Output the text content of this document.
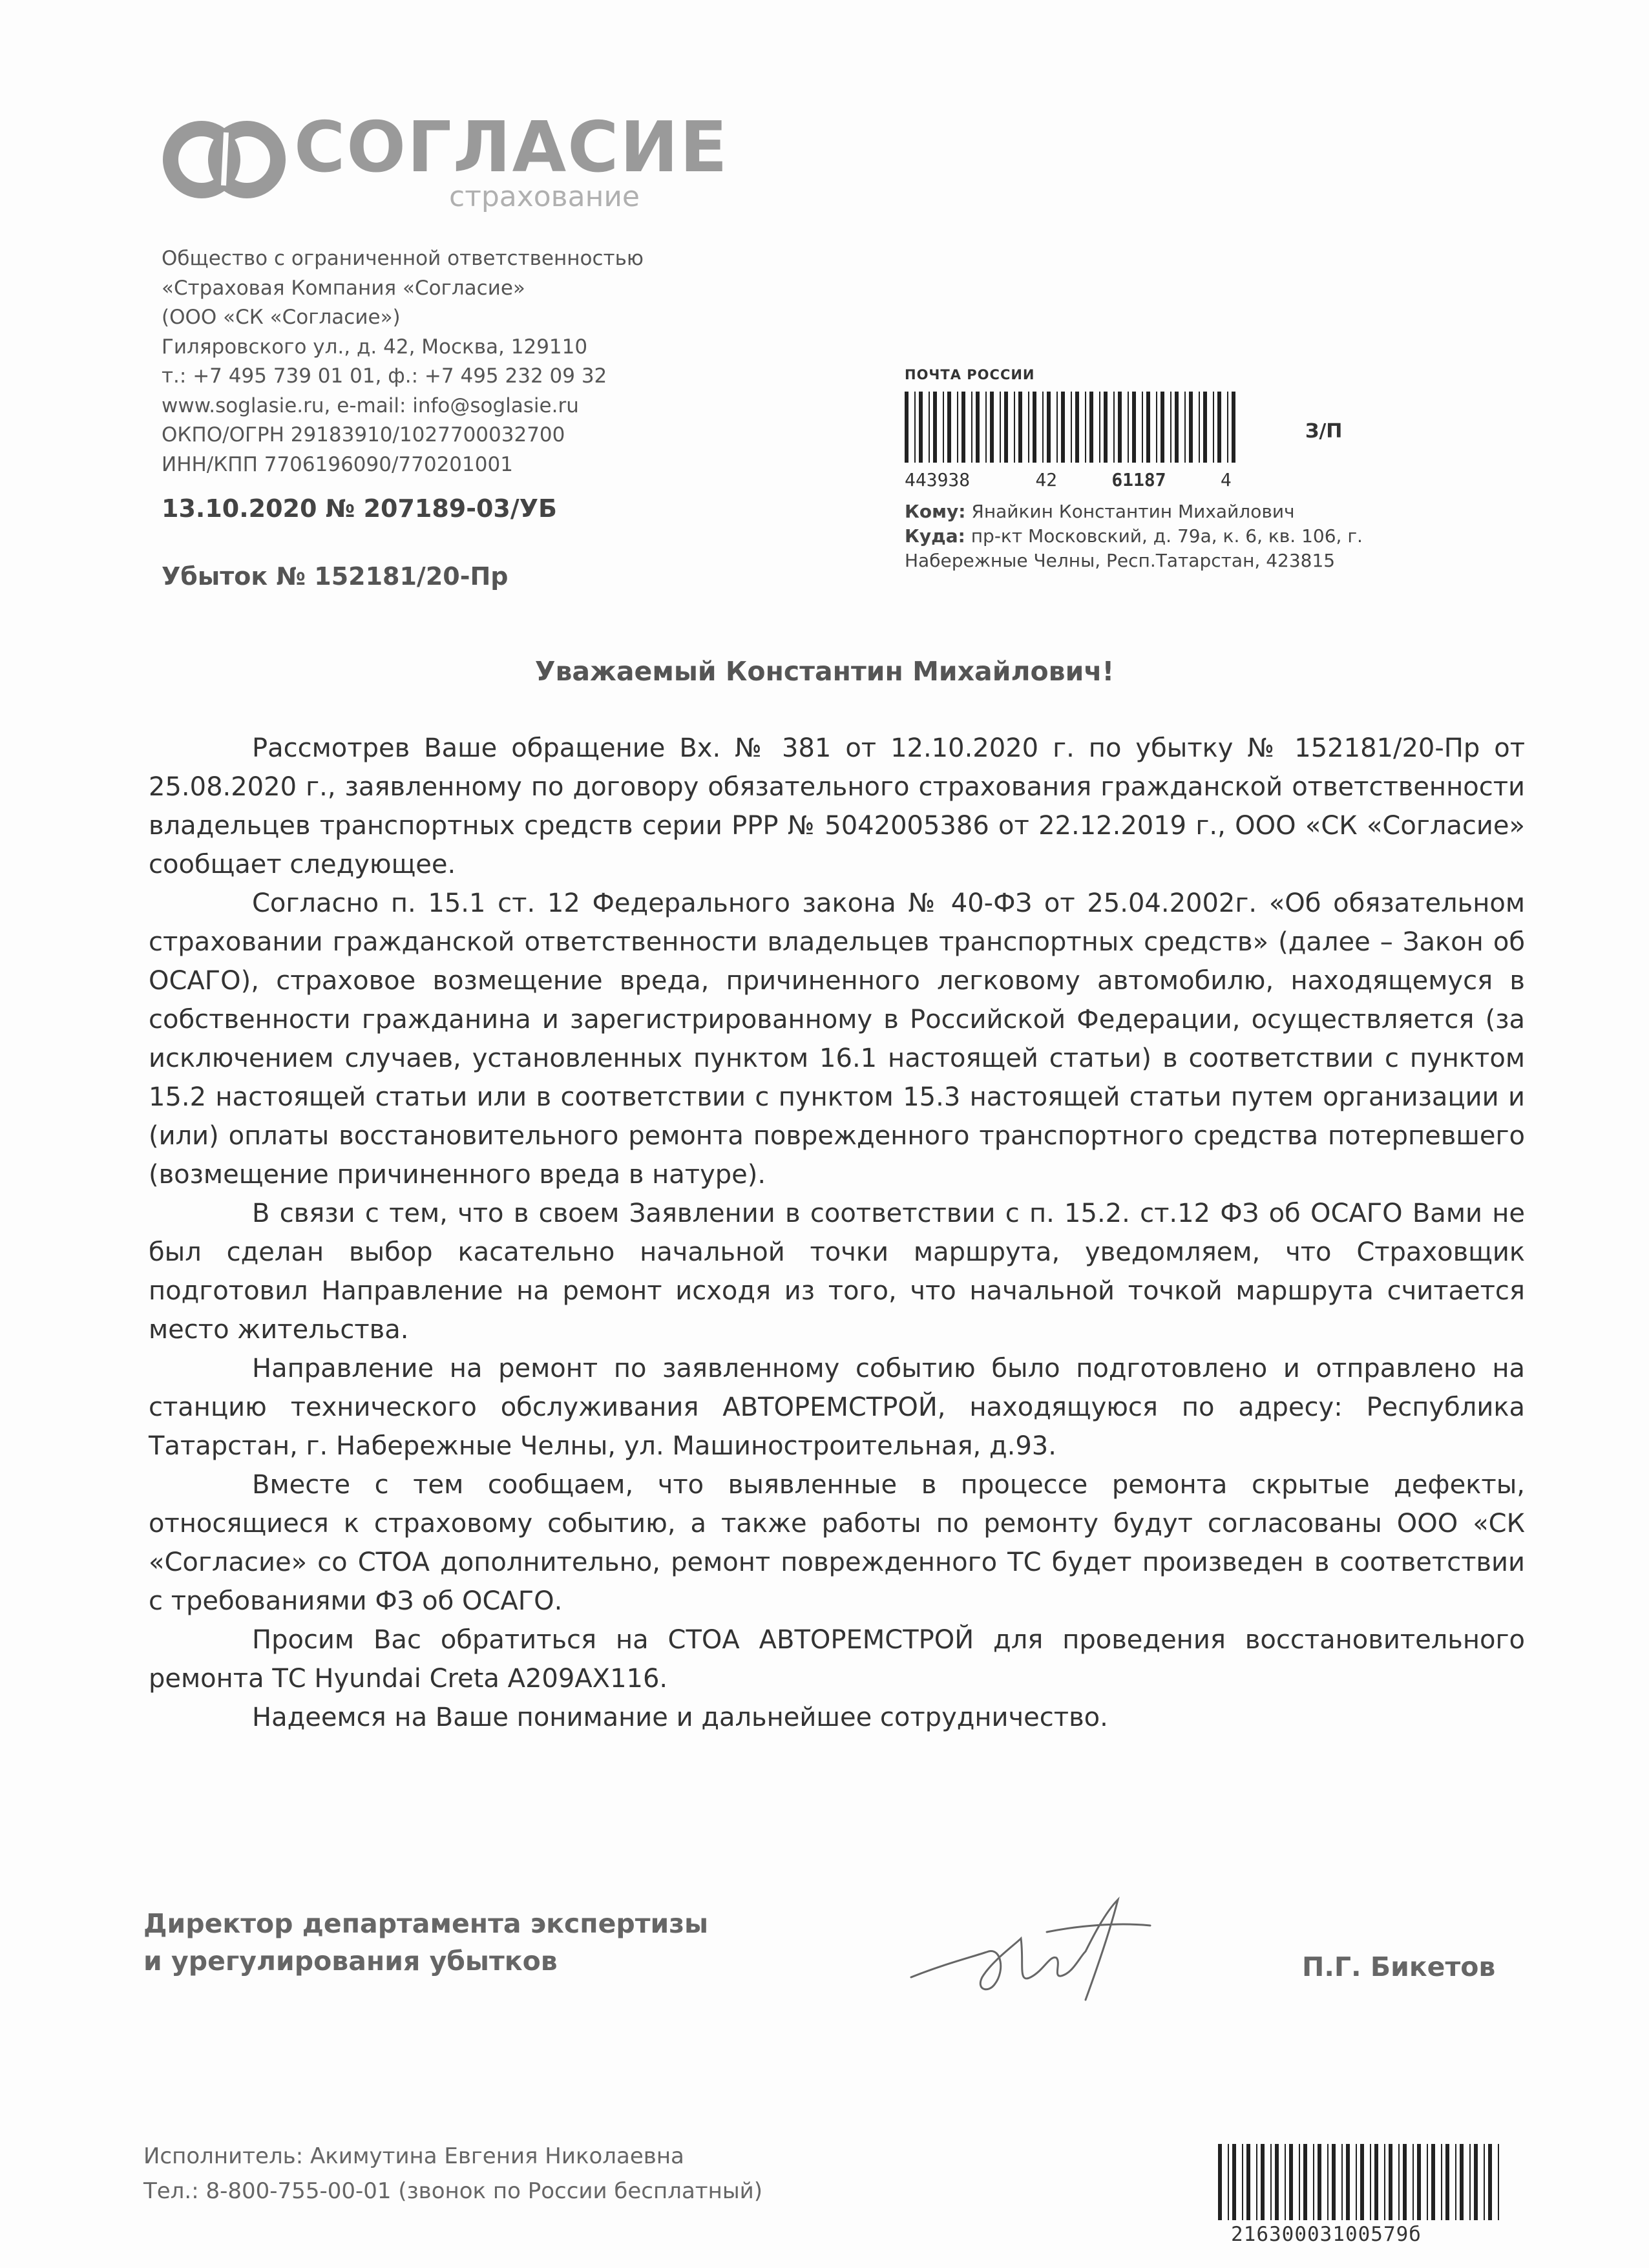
СОГЛАСИЕ
страхование
Общество с ограниченной ответственностью
«Страховая Компания «Согласие»
(ООО «СК «Согласие»)
Гиляровского ул., д. 42, Москва, 129110
т.: +7 495 739 01 01, ф.: +7 495 232 09 32
www.soglasie.ru, e-mail: info@soglasie.ru
ОКПО/ОГРН 29183910/1027700032700
ИНН/КПП 7706196090/770201001
13.10.2020 № 207189-03/УБ
Убыток № 152181/20-Пр
ПОЧТА РОССИИ
З/П
443938	42	61187	4
Кому: Янайкин Константин Михайлович
Куда: пр-кт Московский, д. 79а, к. 6, кв. 106, г.
Набережные Челны, Респ.Татарстан, 423815
Уважаемый Константин Михайлович!

Рассмотрев Ваше обращение Вх. № 381 от 12.10.2020 г. по убытку № 152181/20-Пр от 25.08.2020 г., заявленному по договору обязательного страхования гражданской ответственности владельцев транспортных средств серии РРР № 5042005386 от 22.12.2019 г., ООО «СК «Согласие» сообщает следующее.

Согласно п. 15.1 ст. 12 Федерального закона № 40-ФЗ от 25.04.2002г. «Об обязательном страховании гражданской ответственности владельцев транспортных средств» (далее – Закон об ОСАГО), страховое возмещение вреда, причиненного легковому автомобилю, находящемуся в собственности гражданина и зарегистрированному в Российской Федерации, осуществляется (за исключением случаев, установленных пунктом 16.1 настоящей статьи) в соответствии с пунктом 15.2 настоящей статьи или в соответствии с пунктом 15.3 настоящей статьи путем организации и (или) оплаты восстановительного ремонта поврежденного транспортного средства потерпевшего (возмещение причиненного вреда в натуре).

В связи с тем, что в своем Заявлении в соответствии с п. 15.2. ст.12 ФЗ об ОСАГО Вами не был сделан выбор касательно начальной точки маршрута, уведомляем, что Страховщик подготовил Направление на ремонт исходя из того, что начальной точкой маршрута считается место жительства.

Направление на ремонт по заявленному событию было подготовлено и отправлено на станцию технического обслуживания АВТОРЕМСТРОЙ, находящуюся по адресу: Республика Татарстан, г. Набережные Челны, ул. Машиностроительная, д.93.

Вместе с тем сообщаем, что выявленные в процессе ремонта скрытые дефекты, относящиеся к страховому событию, а также работы по ремонту будут согласованы ООО «СК «Согласие» со СТОА дополнительно, ремонт поврежденного ТС будет произведен в соответствии с требованиями ФЗ об ОСАГО.

Просим Вас обратиться на СТОА АВТОРЕМСТРОЙ для проведения восстановительного ремонта ТС Hyundai Creta А209АХ116.

Надеемся на Ваше понимание и дальнейшее сотрудничество.

Директор департамента экспертизы
и урегулирования убытков	П.Г. Бикетов
Исполнитель: Акимутина Евгения Николаевна
Тел.: 8-800-755-00-01 (звонок по России бесплатный)
21630003100579б
